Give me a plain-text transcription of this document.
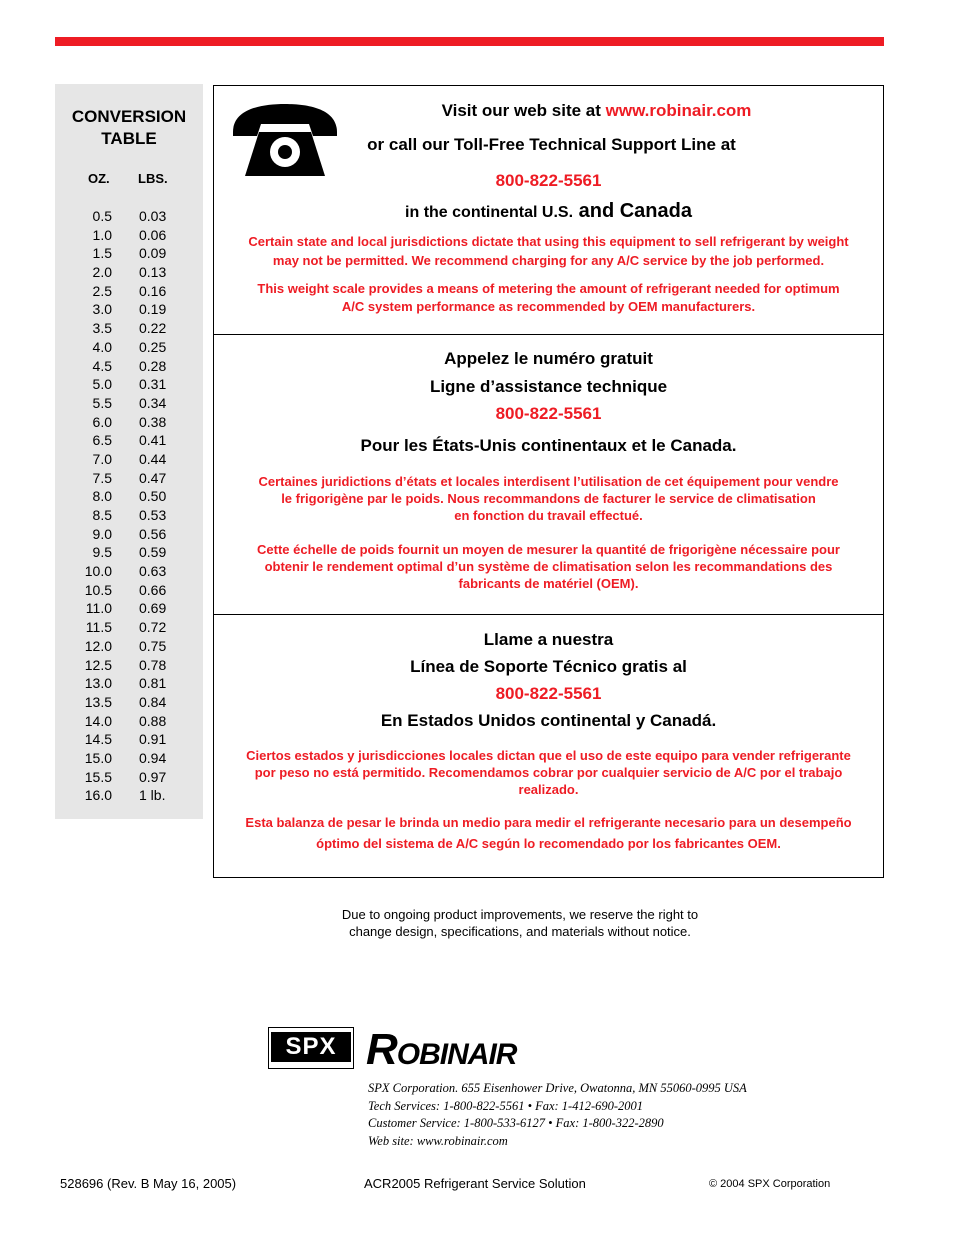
CONVERSION
TABLE
OZ. LBS.
0.5 0.03
1.0 0.06
1.5 0.09
2.0 0.13
2.5 0.16
3.0 0.19
3.5 0.22
4.0 0.25
4.5 0.28
5.0 0.31
5.5 0.34
6.0 0.38
6.5 0.41
7.0 0.44
7.5 0.47
8.0 0.50
8.5 0.53
9.0 0.56
9.5 0.59
10.0 0.63
10.5 0.66
11.0 0.69
11.5 0.72
12.0 0.75
12.5 0.78
13.0 0.81
13.5 0.84
14.0 0.88
14.5 0.91
15.0 0.94
15.5 0.97
16.0 1 lb.
Visit our web site at www.robinair.com
or call our Toll-Free Technical Support Line at
800-822-5561
in the continental U.S. and Canada
Certain state and local jurisdictions dictate that using this equipment to sell refrigerant by weight
may not be permitted. We recommend charging for any A/C service by the job performed.
This weight scale provides a means of metering the amount of refrigerant needed for optimum
A/C system performance as recommended by OEM manufacturers.
Appelez le numéro gratuit
Ligne d’assistance technique
800-822-5561
Pour les États-Unis continentaux et le Canada.
Certaines juridictions d’états et locales interdisent l’utilisation de cet équipement pour vendre
le frigorigène par le poids. Nous recommandons de facturer le service de climatisation
en fonction du travail effectué.
Cette échelle de poids fournit un moyen de mesurer la quantité de frigorigène nécessaire pour
obtenir le rendement optimal d’un système de climatisation selon les recommandations des
fabricants de matériel (OEM).
Llame a nuestra
Línea de Soporte Técnico gratis al
800-822-5561
En Estados Unidos continental y Canadá.
Ciertos estados y jurisdicciones locales dictan que el uso de este equipo para vender refrigerante
por peso no está permitido. Recomendamos cobrar por cualquier servicio de A/C por el trabajo
realizado.
Esta balanza de pesar le brinda un medio para medir el refrigerante necesario para un desempeño
óptimo del sistema de A/C según lo recomendado por los fabricantes OEM.
Due to ongoing product improvements, we reserve the right to
change design, specifications, and materials without notice.
SPX ROBINAIR
SPX Corporation. 655 Eisenhower Drive, Owatonna, MN 55060-0995 USA
Tech Services: 1-800-822-5561 • Fax: 1-412-690-2001
Customer Service: 1-800-533-6127 • Fax: 1-800-322-2890
Web site: www.robinair.com
528696 (Rev. B May 16, 2005)	ACR2005 Refrigerant Service Solution	© 2004 SPX Corporation
